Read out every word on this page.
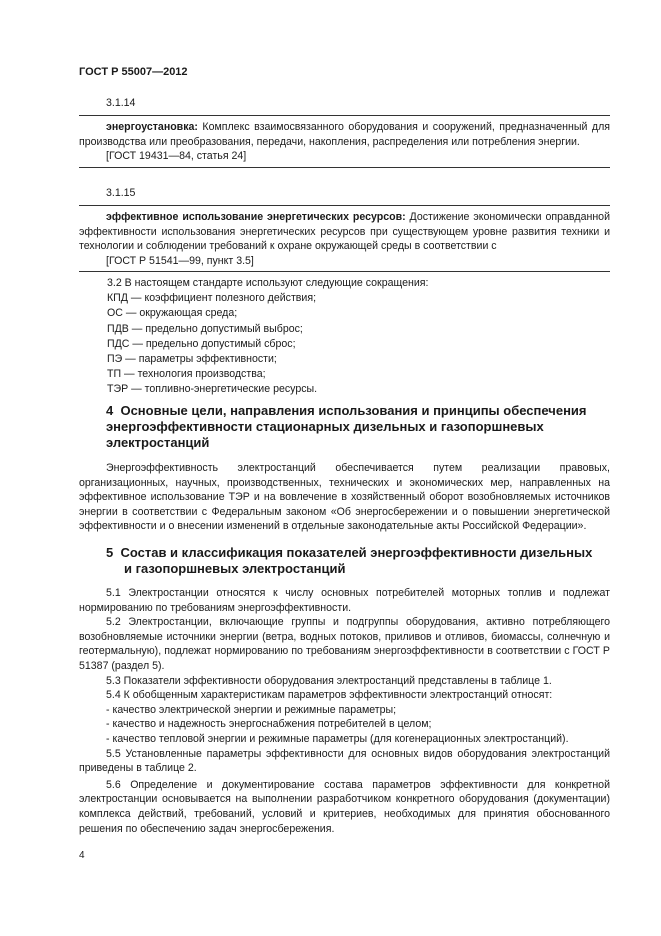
ГОСТ Р 55007—2012
3.1.14

энергоустановка: Комплекс взаимосвязанного оборудования и сооружений, предназначенный для производства или преобразования, передачи, накопления, распределения или потребления энергии.

[ГОСТ 19431—84, статья 24]

3.1.15

эффективное использование энергетических ресурсов: Достижение экономически оправданной эффективности использования энергетических ресурсов при существующем уровне развития техники и технологии и соблюдении требований к охране окружающей среды в соответствии с

[ГОСТ Р 51541—99, пункт 3.5]

3.2 В настоящем стандарте используют следующие сокращения:
КПД — коэффициент полезного действия;
ОС — окружающая среда;
ПДВ — предельно допустимый выброс;
ПДС — предельно допустимый сброс;
ПЭ — параметры эффективности;
ТП — технология производства;
ТЭР — топливно-энергетические ресурсы.
4 Основные цели, направления использования и принципы обеспечения
энергоэффективности стационарных дизельных и газопоршневых
электростанций

Энергоэффективность электростанций обеспечивается путем реализации правовых, организационных, научных, производственных, технических и экономических мер, направленных на эффективное использование ТЭР и на вовлечение в хозяйственный оборот возобновляемых источников энергии в соответствии с Федеральным законом «Об энергосбережении и о повышении энергетической эффективности и о внесении изменений в отдельные законодательные акты Российской Федерации».

5 Состав и классификация показателей энергоэффективности дизельных
и газопоршневых электростанций

5.1 Электростанции относятся к числу основных потребителей моторных топлив и подлежат нормированию по требованиям энергоэффективности.

5.2 Электростанции, включающие группы и подгруппы оборудования, активно потребляющего возобновляемые источники энергии (ветра, водных потоков, приливов и отливов, биомассы, солнечную и геотермальную), подлежат нормированию по требованиям энергоэффективности в соответствии с ГОСТ Р 51387 (раздел 5).

5.3 Показатели эффективности оборудования электростанций представлены в таблице 1.

5.4 К обобщенным характеристикам параметров эффективности электростанций относят:

- качество электрической энергии и режимные параметры;

- качество и надежность энергоснабжения потребителей в целом;

- качество тепловой энергии и режимные параметры (для когенерационных электростанций).

5.5 Установленные параметры эффективности для основных видов оборудования электростанций приведены в таблице 2.

5.6 Определение и документирование состава параметров эффективности для конкретной электростанции основывается на выполнении разработчиком конкретного оборудования (документации) комплекса действий, требований, условий и критериев, необходимых для принятия обоснованного решения по обеспечению задач энергосбережения.

4
